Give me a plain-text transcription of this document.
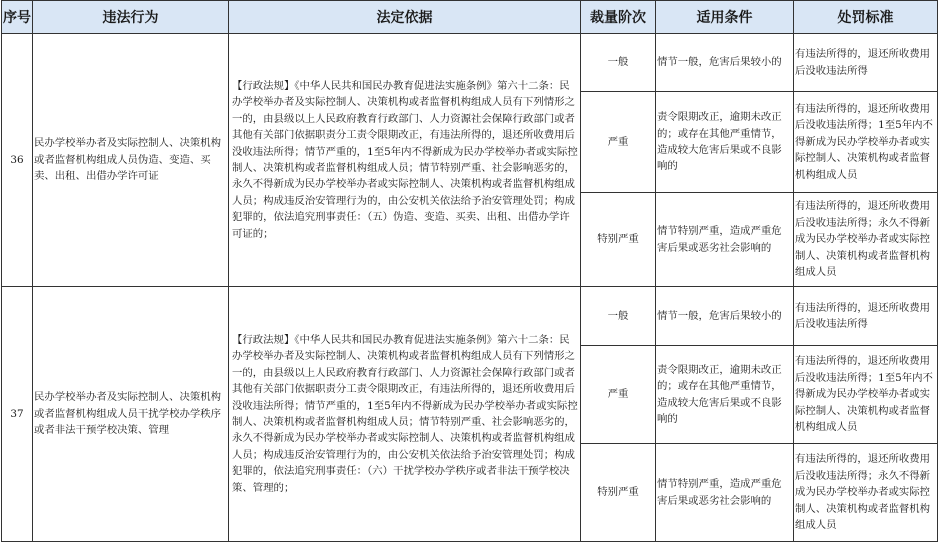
序号	违法行为	法定依据	裁量阶次	适用条件	处罚标准
36	民办学校举办者及实际控制人、决策机构或者监督机构组成人员伪造、变造、买卖、出租、出借办学许可证	【行政法规】《中华人民共和国民办教育促进法实施条例》第六十二条：民办学校举办者及实际控制人、决策机构或者监督机构组成人员有下列情形之一的，由县级以上人民政府教育行政部门、人力资源社会保障行政部门或者其他有关部门依据职责分工责令限期改正，有违法所得的，退还所收费用后没收违法所得；情节严重的，1至5年内不得新成为民办学校举办者或实际控制人、决策机构或者监督机构组成人员；情节特别严重、社会影响恶劣的，永久不得新成为民办学校举办者或实际控制人、决策机构或者监督机构组成人员；构成违反治安管理行为的，由公安机关依法给予治安管理处罚；构成犯罪的，依法追究刑事责任：（五）伪造、变造、买卖、出租、出借办学许可证的；	一般	情节一般，危害后果较小的	有违法所得的，退还所收费用后没收违法所得
			严重	责令限期改正，逾期未改正的；或存在其他严重情节，造成较大危害后果或不良影响的	有违法所得的，退还所收费用后没收违法所得；1至5年内不得新成为民办学校举办者或实际控制人、决策机构或者监督机构组成人员
			特别严重	情节特别严重，造成严重危害后果或恶劣社会影响的	有违法所得的，退还所收费用后没收违法所得；永久不得新成为民办学校举办者或实际控制人、决策机构或者监督机构组成人员
37	民办学校举办者及实际控制人、决策机构或者监督机构组成人员干扰学校办学秩序或者非法干预学校决策、管理	【行政法规】《中华人民共和国民办教育促进法实施条例》第六十二条：民办学校举办者及实际控制人、决策机构或者监督机构组成人员有下列情形之一的，由县级以上人民政府教育行政部门、人力资源社会保障行政部门或者其他有关部门依据职责分工责令限期改正，有违法所得的，退还所收费用后没收违法所得；情节严重的，1至5年内不得新成为民办学校举办者或实际控制人、决策机构或者监督机构组成人员；情节特别严重、社会影响恶劣的，永久不得新成为民办学校举办者或实际控制人、决策机构或者监督机构组成人员；构成违反治安管理行为的，由公安机关依法给予治安管理处罚；构成犯罪的，依法追究刑事责任：（六）干扰学校办学秩序或者非法干预学校决策、管理的；	一般	情节一般，危害后果较小的	有违法所得的，退还所收费用后没收违法所得
			严重	责令限期改正，逾期未改正的；或存在其他严重情节，造成较大危害后果或不良影响的	有违法所得的，退还所收费用后没收违法所得；1至5年内不得新成为民办学校举办者或实际控制人、决策机构或者监督机构组成人员
			特别严重	情节特别严重，造成严重危害后果或恶劣社会影响的	有违法所得的，退还所收费用后没收违法所得；永久不得新成为民办学校举办者或实际控制人、决策机构或者监督机构组成人员
